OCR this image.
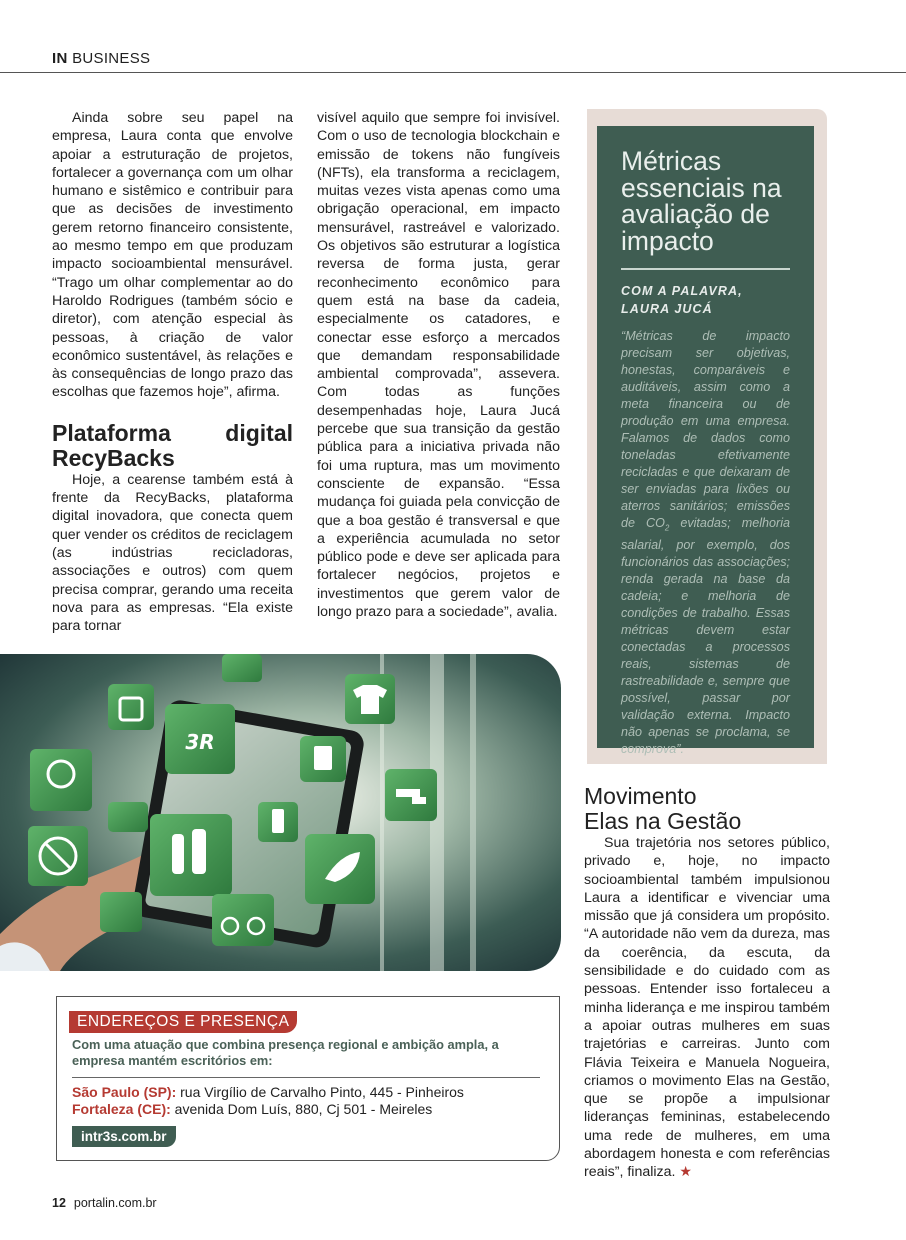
IN BUSINESS

Ainda sobre seu papel na empresa, Laura conta que envolve apoiar a estruturação de projetos, fortalecer a governança com um olhar humano e sistêmico e contribuir para que as decisões de investimento gerem retorno financeiro consistente, ao mesmo tempo em que produzam impacto socioambiental mensurável. “Trago um olhar complementar ao do Haroldo Rodrigues (também sócio e diretor), com atenção especial às pessoas, à criação de valor econômico sustentável, às relações e às consequências de longo prazo das escolhas que fazemos hoje”, afirma.

Plataforma digital RecyBacks

Hoje, a cearense também está à frente da RecyBacks, plataforma digital inovadora, que conecta quem quer vender os créditos de reciclagem (as indústrias recicladoras, associações e outros) com quem precisa comprar, gerando uma receita nova para as empresas. “Ela existe para tornar

visível aquilo que sempre foi invisível. Com o uso de tecnologia blockchain e emissão de tokens não fungíveis (NFTs), ela transforma a reciclagem, muitas vezes vista apenas como uma obrigação operacional, em impacto mensurável, rastreável e valorizado. Os objetivos são estruturar a logística reversa de forma justa, gerar reconhecimento econômico para quem está na base da cadeia, especialmente os catadores, e conectar esse esforço a mercados que demandam responsabilidade ambiental comprovada”, assevera. Com todas as funções desempenhadas hoje, Laura Jucá percebe que sua transição da gestão pública para a iniciativa privada não foi uma ruptura, mas um movimento consciente de expansão. “Essa mudança foi guiada pela convicção de que a boa gestão é transversal e que a experiência acumulada no setor público pode e deve ser aplicada para fortalecer negócios, projetos e investimentos que gerem valor de longo prazo para a sociedade”, avalia.

Métricas essenciais na avaliação de impacto
COM A PALAVRA,
LAURA JUCÁ
“Métricas de impacto precisam ser objetivas, honestas, comparáveis e auditáveis, assim como a meta financeira ou de produção em uma empresa. Falamos de dados como toneladas efetivamente recicladas e que deixaram de ser enviadas para lixões ou aterros sanitários; emissões de $CO_2$ evitadas; melhoria salarial, por exemplo, dos funcionários das associações; renda gerada na base da cadeia; e melhoria de condições de trabalho. Essas métricas devem estar conectadas a processos reais, sistemas de rastreabilidade e, sempre que possível, passar por validação externa. Impacto não apenas se proclama, se comprova”.
3R
Movimento
Elas na Gestão

Sua trajetória nos setores público, privado e, hoje, no impacto socioambiental também impulsionou Laura a identificar e vivenciar uma missão que já considera um propósito. “A autoridade não vem da dureza, mas da coerência, da escuta, da sensibilidade e do cuidado com as pessoas. Entender isso fortaleceu a minha liderança e me inspirou também a apoiar outras mulheres em suas trajetórias e carreiras. Junto com Flávia Teixeira e Manuela Nogueira, criamos o movimento Elas na Gestão, que se propõe a impulsionar lideranças femininas, estabelecendo uma rede de mulheres, em uma abordagem honesta e com referências reais”, finaliza. ★

ENDEREÇOS E PRESENÇA
Com uma atuação que combina presença regional e ambição ampla, a empresa mantém escritórios em:
São Paulo (SP): rua Virgílio de Carvalho Pinto, 445 - Pinheiros
Fortaleza (CE): avenida Dom Luís, 880, Cj 501 - Meireles
intr3s.com.br
12 portalin.com.br
